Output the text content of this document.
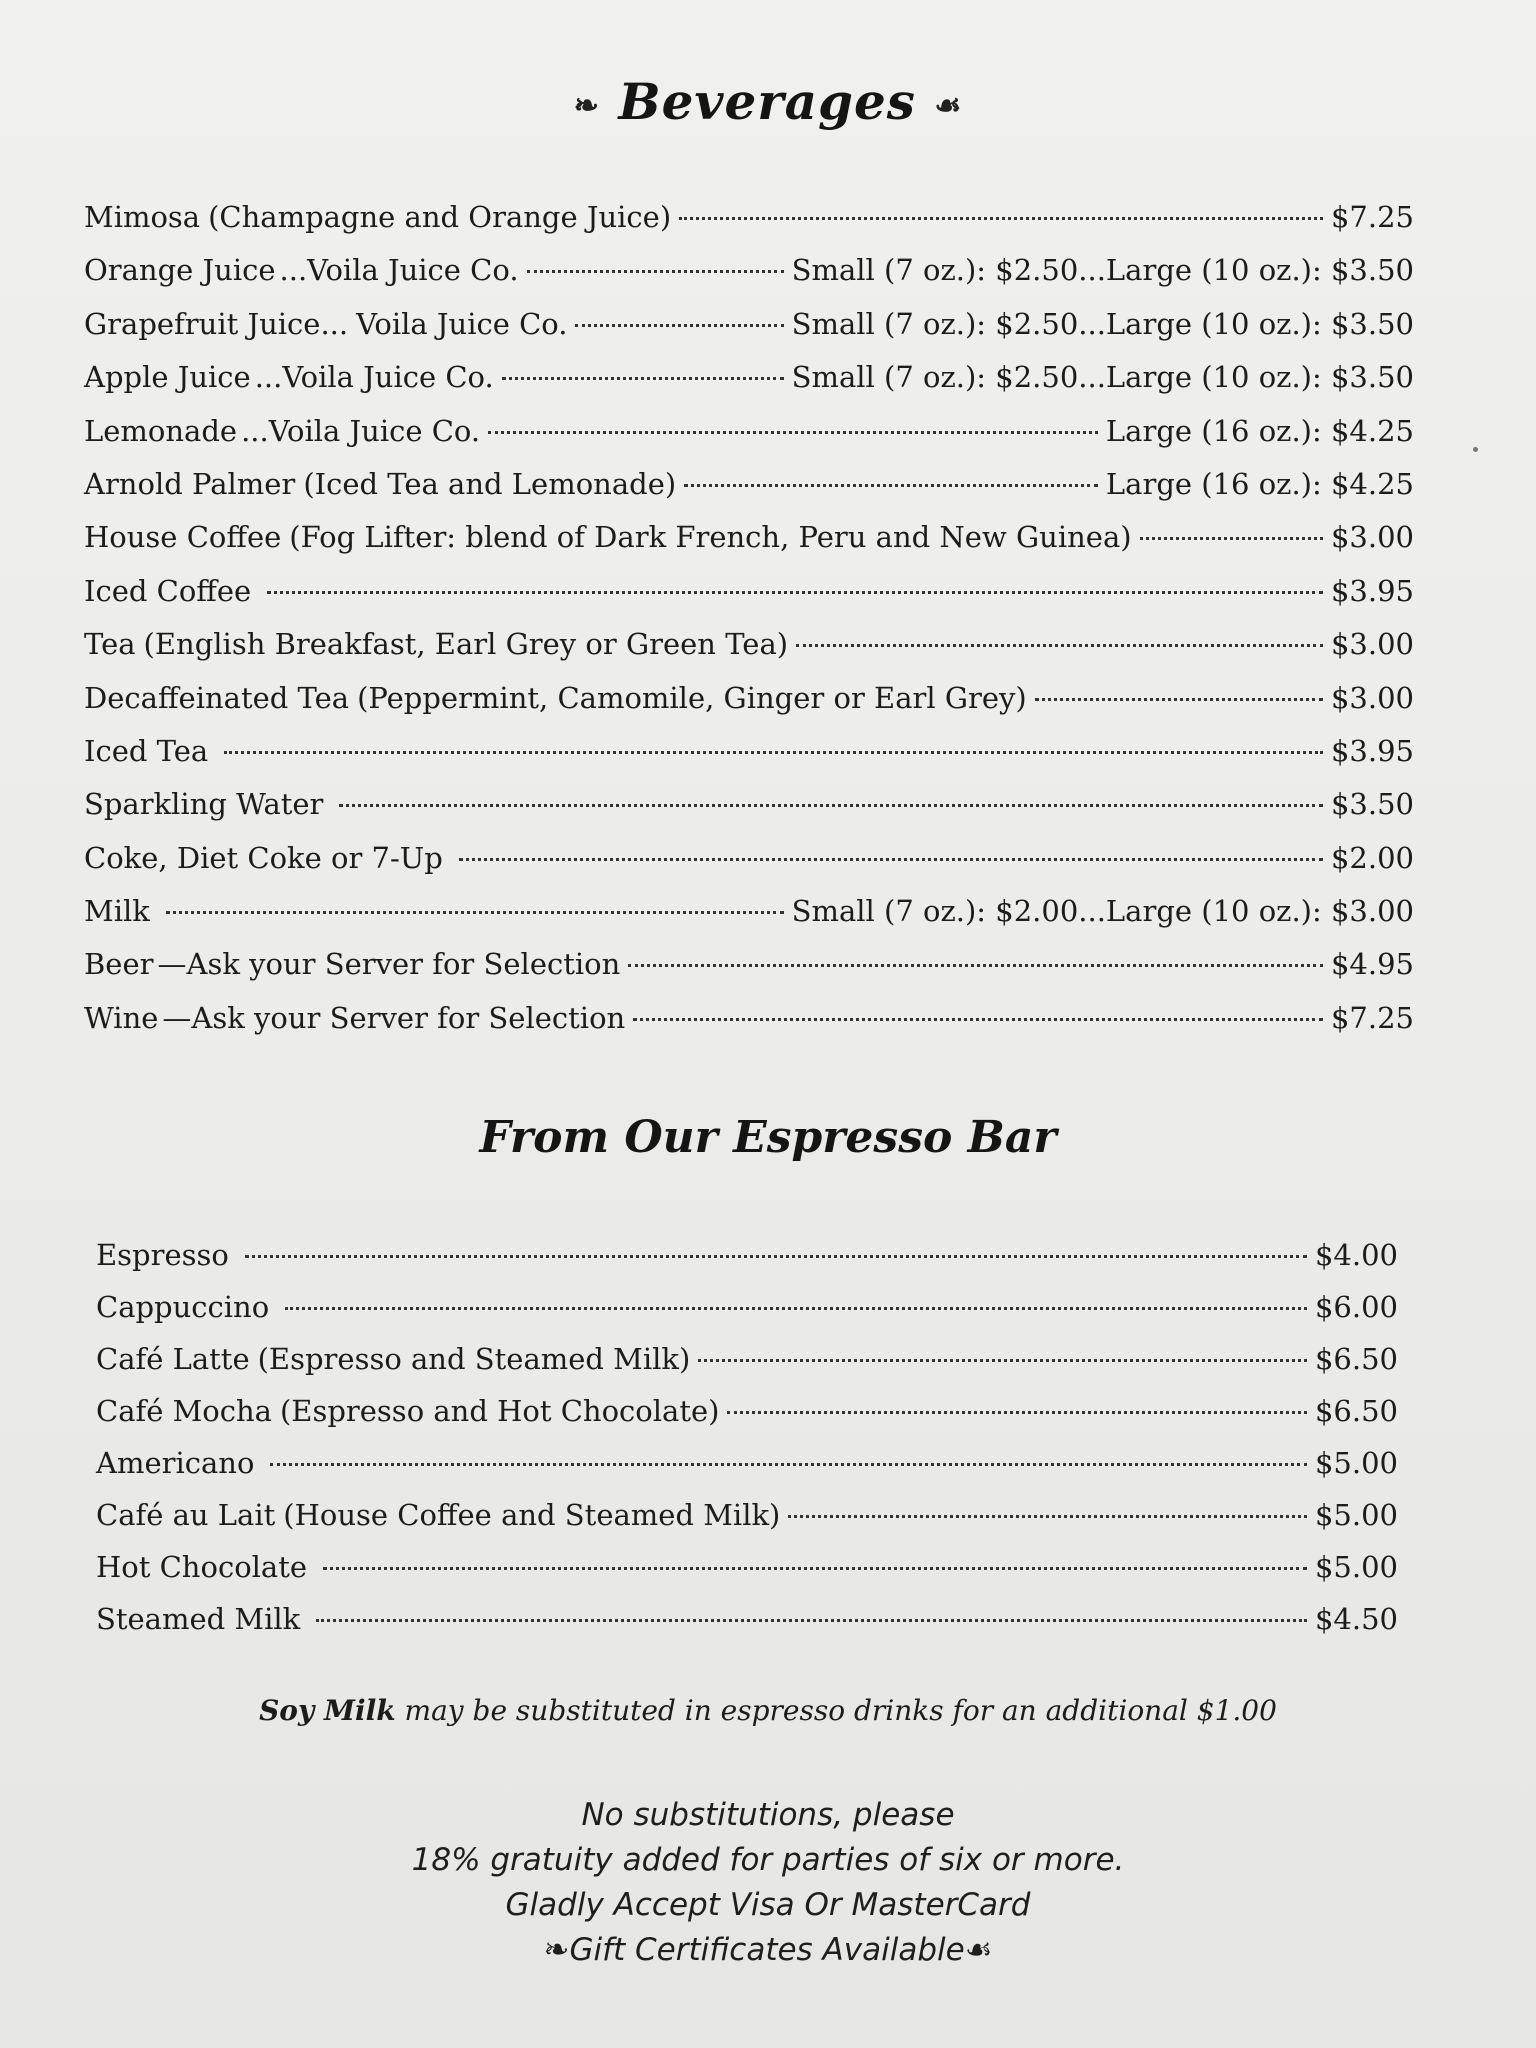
❧ Beverages ☙
Mimosa (Champagne and Orange Juice)	$7.25
Orange Juice ...Voila Juice Co.	Small (7 oz.): $2.50...Large (10 oz.): $3.50
Grapefruit Juice... Voila Juice Co.	Small (7 oz.): $2.50...Large (10 oz.): $3.50
Apple Juice ...Voila Juice Co.	Small (7 oz.): $2.50...Large (10 oz.): $3.50
Lemonade ...Voila Juice Co.	Large (16 oz.): $4.25
Arnold Palmer (Iced Tea and Lemonade)	Large (16 oz.): $4.25
House Coffee (Fog Lifter: blend of Dark French, Peru and New Guinea)	$3.00
Iced Coffee	$3.95
Tea (English Breakfast, Earl Grey or Green Tea)	$3.00
Decaffeinated Tea (Peppermint, Camomile, Ginger or Earl Grey)	$3.00
Iced Tea	$3.95
Sparkling Water	$3.50
Coke, Diet Coke or 7-Up	$2.00
Milk	Small (7 oz.): $2.00...Large (10 oz.): $3.00
Beer —Ask your Server for Selection	$4.95
Wine —Ask your Server for Selection	$7.25
From Our Espresso Bar
Espresso	$4.00
Cappuccino	$6.00
Café Latte (Espresso and Steamed Milk)	$6.50
Café Mocha (Espresso and Hot Chocolate)	$6.50
Americano	$5.00
Café au Lait (House Coffee and Steamed Milk)	$5.00
Hot Chocolate	$5.00
Steamed Milk	$4.50
Soy Milk may be substituted in espresso drinks for an additional $1.00
No substitutions, please
18% gratuity added for parties of six or more.
Gladly Accept Visa Or MasterCard
❧Gift Certificates Available☙
